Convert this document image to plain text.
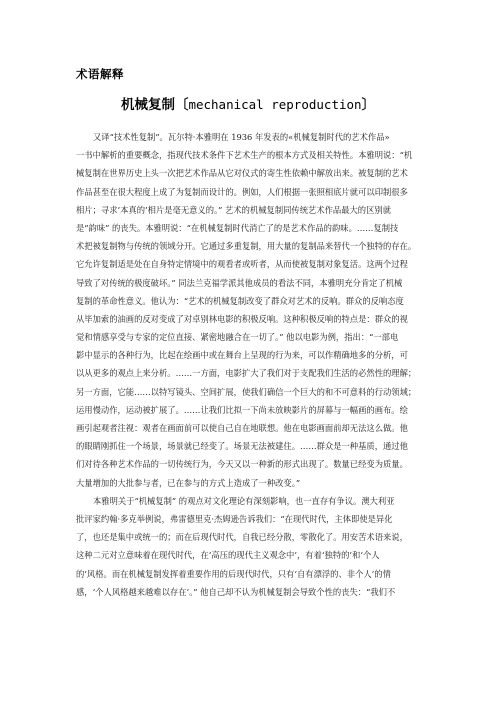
术语解释
机械复制〔mechanical reproduction〕

又译“技术性复制”。瓦尔特·本雅明在 1936 年发表的«机械复制时代的艺术作品»

一书中解析的重要概念，指现代技术条件下艺术生产的根本方式及相关特性。本雅明说：“机

械复制在世界历史上头一次把艺术作品从它对仪式的寄生性依赖中解放出来。被复制的艺术

作品甚至在很大程度上成了为复制而设计的。例如，人们根据一张照相底片就可以印制很多

相片；寻求‘本真的’相片是毫无意义的。” 艺术的机械复制同传统艺术作品最大的区别就

是“韵味” 的丧失。本雅明说：“在机械复制时代消亡了的是艺术作品的韵味。……复制技

术把被复制物与传统的领域分开。它通过多重复制，用大量的复制品来替代一个独特的存在。

它允许复制适是处在自身特定情境中的观看者或听者，从而使被复制对象复活。这两个过程

导致了对传统的极度破坏。” 同法兰克福学派其他成员的看法不同，本雅明充分肯定了机械

复制的革命性意义。他认为：“艺术的机械复制改变了群众对艺术的反响。群众的反响态度

从毕加索的油画的反对变成了对卓别林电影的积极反响。这种积极反响的特点是：群众的视

觉和情感享受与专家的定位直接、紧密地融合在一切了。” 他以电影为例，指出：“一部电

影中显示的各种行为，比起在绘画中或在舞台上呈现的行为来，可以作精确地多的分析，可

以从更多的观点上来分析。……一方面，电影扩大了我们对于支配我们生活的必然性的理解；

另一方面，它能……以特写镜头、空间扩展，使我们确信一个巨大的和不可意料的行动领域；

运用慢动作，运动被扩展了。……让我们比拟一下尚未放映影片的屏幕与一幅画的画布。绘

画引起观者注视：观者在画面前可以使自己自在地联想。他在电影画面前却无法这么做。他

的眼睛刚抓住一个场景，场景就已经变了。场景无法被建住。……群众是一种基质，通过他

们对待各种艺术作品的一切传统行为，今天又以一种新的形式出现了。数量已经变为质量。

大量增加的大批参与者，已在参与的方式上造成了一种改变。”

本雅明关于“机械复制” 的观点对文化理论有深刻影响，也一直存有争议。澳大利亚

批评家约翰·多克举例说，弗雷德里克·杰姆逊告诉我们：“在现代时代，主体即使是异化

了，也还是集中或统一的；而在后现代时代，自我已经分散，零散化了。用安苦术语来说，

这种二元对立意味着在现代时代，在‘高压的现代主义观念中’，有着‘独特的’和‘个人

的’风格。而在机械复制发挥着重要作用的后现代时代，只有‘自有漂浮的、非个人’的情

感，‘个人风格越来越难以存在’。” 他自己却不认为机械复制会导致个性的丧失：“我们不
